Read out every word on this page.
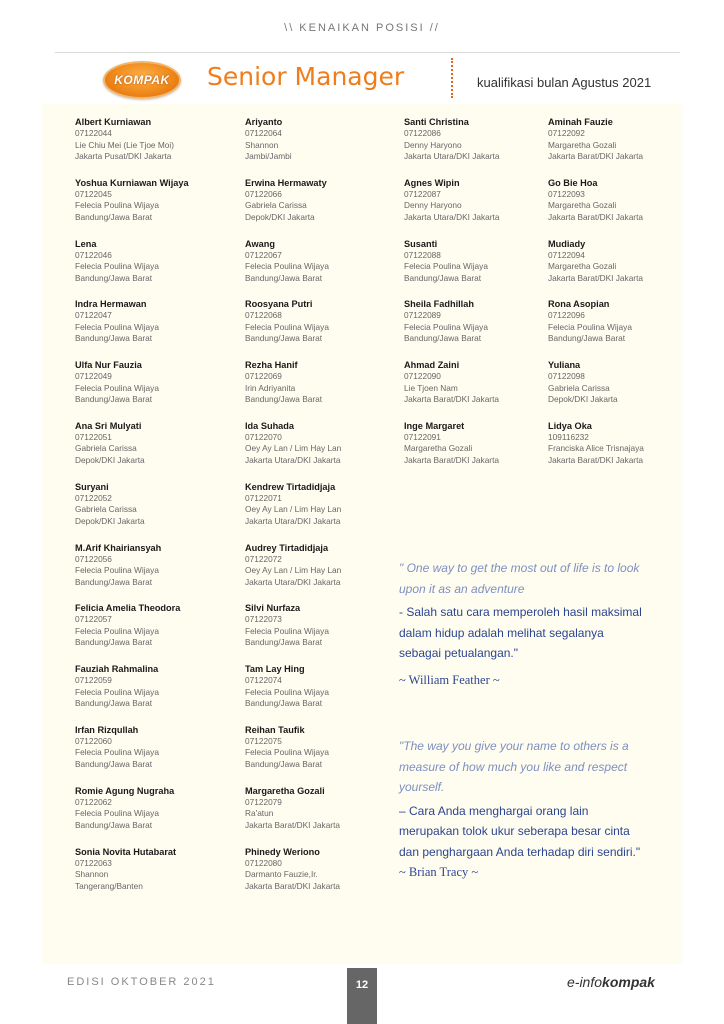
\\ KENAIKAN POSISI //
KOMPAK Senior Manager	kualifikasi bulan Agustus 2021
Albert Kurniawan
07122044
Lie Chiu Mei (Lie Tjoe Moi)
Jakarta Pusat/DKI Jakarta
Yoshua Kurniawan Wijaya
07122045
Felecia Poulina Wijaya
Bandung/Jawa Barat
Lena
07122046
Felecia Poulina Wijaya
Bandung/Jawa Barat
Indra Hermawan
07122047
Felecia Poulina Wijaya
Bandung/Jawa Barat
Ulfa Nur Fauzia
07122049
Felecia Poulina Wijaya
Bandung/Jawa Barat
Ana Sri Mulyati
07122051
Gabriela Carissa
Depok/DKI Jakarta
Suryani
07122052
Gabriela Carissa
Depok/DKI Jakarta
M.Arif Khairiansyah
07122056
Felecia Poulina Wijaya
Bandung/Jawa Barat
Felicia Amelia Theodora
07122057
Felecia Poulina Wijaya
Bandung/Jawa Barat
Fauziah Rahmalina
07122059
Felecia Poulina Wijaya
Bandung/Jawa Barat
Irfan Rizqullah
07122060
Felecia Poulina Wijaya
Bandung/Jawa Barat
Romie Agung Nugraha
07122062
Felecia Poulina Wijaya
Bandung/Jawa Barat
Sonia Novita Hutabarat
07122063
Shannon
Tangerang/Banten
Ariyanto
07122064
Shannon
Jambi/Jambi
Erwina Hermawaty
07122066
Gabriela Carissa
Depok/DKI Jakarta
Awang
07122067
Felecia Poulina Wijaya
Bandung/Jawa Barat
Roosyana Putri
07122068
Felecia Poulina Wijaya
Bandung/Jawa Barat
Rezha Hanif
07122069
Irin Adriyanita
Bandung/Jawa Barat
Ida Suhada
07122070
Oey Ay Lan / Lim Hay Lan
Jakarta Utara/DKI Jakarta
Kendrew Tirtadidjaja
07122071
Oey Ay Lan / Lim Hay Lan
Jakarta Utara/DKI Jakarta
Audrey Tirtadidjaja
07122072
Oey Ay Lan / Lim Hay Lan
Jakarta Utara/DKI Jakarta
Silvi Nurfaza
07122073
Felecia Poulina Wijaya
Bandung/Jawa Barat
Tam Lay Hing
07122074
Felecia Poulina Wijaya
Bandung/Jawa Barat
Reihan Taufik
07122075
Felecia Poulina Wijaya
Bandung/Jawa Barat
Margaretha Gozali
07122079
Ra'atun
Jakarta Barat/DKI Jakarta
Phinedy Weriono
07122080
Darmanto Fauzie,Ir.
Jakarta Barat/DKI Jakarta
Santi Christina
07122086
Denny Haryono
Jakarta Utara/DKI Jakarta
Agnes Wipin
07122087
Denny Haryono
Jakarta Utara/DKI Jakarta
Susanti
07122088
Felecia Poulina Wijaya
Bandung/Jawa Barat
Sheila Fadhillah
07122089
Felecia Poulina Wijaya
Bandung/Jawa Barat
Ahmad Zaini
07122090
Lie Tjoen Nam
Jakarta Barat/DKI Jakarta
Inge Margaret
07122091
Margaretha Gozali
Jakarta Barat/DKI Jakarta
Aminah Fauzie
07122092
Margaretha Gozali
Jakarta Barat/DKI Jakarta
Go Bie Hoa
07122093
Margaretha Gozali
Jakarta Barat/DKI Jakarta
Mudiady
07122094
Margaretha Gozali
Jakarta Barat/DKI Jakarta
Rona Asopian
07122096
Felecia Poulina Wijaya
Bandung/Jawa Barat
Yuliana
07122098
Gabriela Carissa
Depok/DKI Jakarta
Lidya Oka
109116232
Franciska Alice Trisnajaya
Jakarta Barat/DKI Jakarta
" One way to get the most out of life is to look upon it as an adventure
- Salah satu cara memperoleh hasil maksimal dalam hidup adalah melihat segalanya sebagai petualangan."
~ William Feather ~
"The way you give your name to others is a measure of how much you like and respect yourself.
– Cara Anda menghargai orang lain merupakan tolok ukur seberapa besar cinta dan penghargaan Anda terhadap diri sendiri." ~ Brian Tracy ~
EDISI OKTOBER 2021	12	e-infokompak
